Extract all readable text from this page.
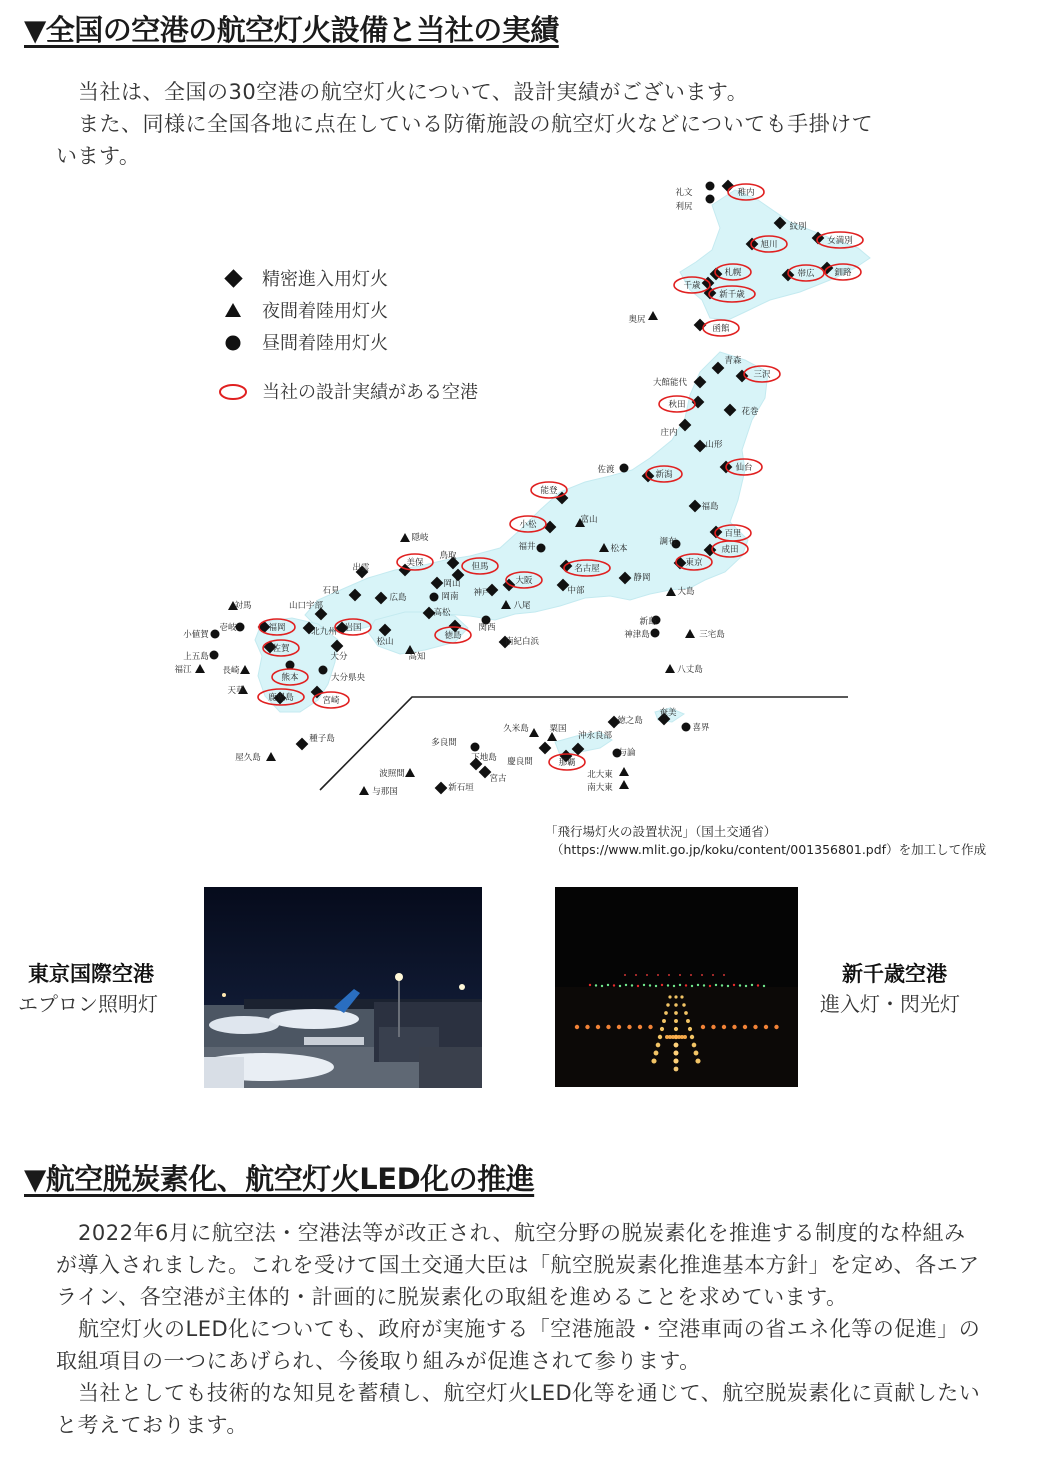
▼全国の空港の航空灯火設備と当社の実績
当社は、全国の30空港の航空灯火について、設計実績がございます。
また、同様に全国各地に点在している防衛施設の航空灯火などについても手掛けて
います。
礼文
利尻
稚内
紋別
女満別
旭川
札幌	帯広 釧路
千歳
新千歳
奥尻
函館
青森
三沢
大館能代
秋田
花巻
庄内
山形
佐渡	仙台
新潟
能登
福島
小松	富山
百里
調布
成田
隠岐
福井	松本
東京
出雲	美保
鳥取
但馬	名古屋
大阪	静岡
石見
岡山
広島	岡南 神戸	中部	大島
対馬	山口宇部
高松
八尾
壱岐	福岡	北九州 岩国
徳島
関西
新島
小値賀
松山	南紀白浜
神津島	三宅島
上五島
佐賀
大分	高知
福江	長崎
熊本	大分県央
八丈島
天草
鹿児島	宮崎
種子島
屋久島
奄美
喜界
久米島 粟国
徳之島
沖永良部
多良間
与論
下地島 慶良間	那覇
宮古
波照間	北大東
新石垣	南大東
与那国
精密進入用灯火
夜間着陸用灯火
昼間着陸用灯火
当社の設計実績がある空港
「飛行場灯火の設置状況」（国土交通省）
（https://www.mlit.go.jp/koku/content/001356801.pdf）を加工して作成
東京国際空港
エプロン照明灯
新千歳空港
進入灯・閃光灯
▼航空脱炭素化、航空灯火LED化の推進

2022年6月に航空法・空港法等が改正され、航空分野の脱炭素化を推進する制度的な枠組みが導入されました。これを受けて国土交通大臣は「航空脱炭素化推進基本方針」を定め、各エアライン、各空港が主体的・計画的に脱炭素化の取組を進めることを求めています。

航空灯火のLED化についても、政府が実施する「空港施設・空港車両の省エネ化等の促進」の取組項目の一つにあげられ、今後取り組みが促進されて参ります。

当社としても技術的な知見を蓄積し、航空灯火LED化等を通じて、航空脱炭素化に貢献したいと考えております。
